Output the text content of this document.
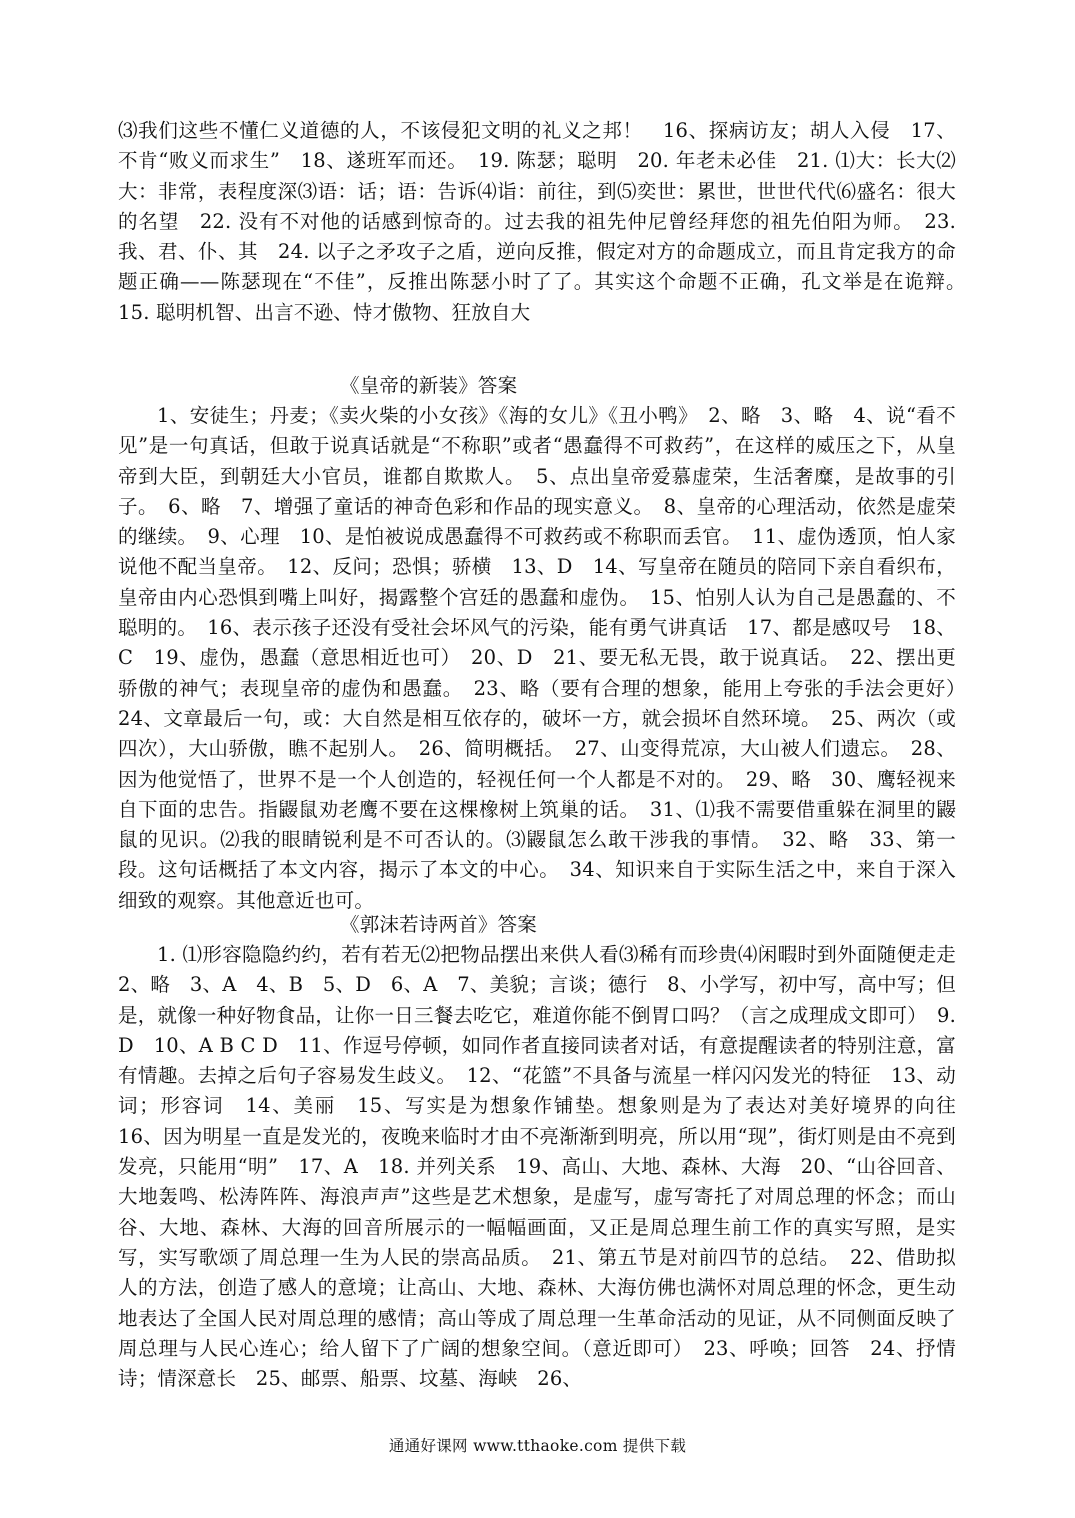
⑶我们这些不懂仁义道德的人，不该侵犯文明的礼义之邦！　16、探病访友；胡人入侵　17、不肯“败义而求生”　18、遂班军而还。　19. 陈瑟；聪明　20. 年老未必佳　21. ⑴大：长大⑵大：非常，表程度深⑶语：话；语：告诉⑷诣：前往，到⑸奕世：累世，世世代代⑹盛名：很大的名望　22. 没有不对他的话感到惊奇的。过去我的祖先仲尼曾经拜您的祖先伯阳为师。　23. 我、君、仆、其　24. 以子之矛攻子之盾，逆向反推，假定对方的命题成立，而且肯定我方的命题正确——陈瑟现在“不佳”，反推出陈瑟小时了了。其实这个命题不正确，孔文举是在诡辩。　15. 聪明机智、出言不逊、恃才傲物、狂放自大
《皇帝的新装》答案
1、安徒生；丹麦；《卖火柴的小女孩》《海的女儿》《丑小鸭》　2、略　3、略　4、说“看不见”是一句真话，但敢于说真话就是“不称职”或者“愚蠢得不可救药”，在这样的威压之下，从皇帝到大臣，到朝廷大小官员，谁都自欺欺人。　5、点出皇帝爱慕虚荣，生活奢糜，是故事的引子。　6、略　7、增强了童话的神奇色彩和作品的现实意义。　8、皇帝的心理活动，依然是虚荣的继续。　9、心理　10、是怕被说成愚蠢得不可救药或不称职而丢官。　11、虚伪透顶，怕人家说他不配当皇帝。　12、反问；恐惧；骄横　13、D　14、写皇帝在随员的陪同下亲自看织布，皇帝由内心恐惧到嘴上叫好，揭露整个宫廷的愚蠢和虚伪。　15、怕别人认为自己是愚蠢的、不聪明的。　16、表示孩子还没有受社会坏风气的污染，能有勇气讲真话　17、都是感叹号　18、C　19、虚伪，愚蠢（意思相近也可）　20、D　21、要无私无畏，敢于说真话。　22、摆出更骄傲的神气；表现皇帝的虚伪和愚蠢。　23、略（要有合理的想象，能用上夸张的手法会更好）　24、文章最后一句，或：大自然是相互依存的，破坏一方，就会损坏自然环境。　25、两次（或四次），大山骄傲，瞧不起别人。　26、简明概括。　27、山变得荒凉，大山被人们遗忘。　28、因为他觉悟了，世界不是一个人创造的，轻视任何一个人都是不对的。　29、略　30、鹰轻视来自下面的忠告。指鼹鼠劝老鹰不要在这棵橡树上筑巢的话。　31、⑴我不需要借重躲在洞里的鼹鼠的见识。⑵我的眼睛锐利是不可否认的。⑶鼹鼠怎么敢干涉我的事情。　32、略　33、第一段。这句话概括了本文内容，揭示了本文的中心。　34、知识来自于实际生活之中，来自于深入细致的观察。其他意近也可。
《郭沫若诗两首》答案
1. ⑴形容隐隐约约，若有若无⑵把物品摆出来供人看⑶稀有而珍贵⑷闲暇时到外面随便走走　2、略　3、A　4、B　5、D　6、A　7、美貌；言谈；德行　8、小学写，初中写，高中写；但是，就像一种好物食品，让你一日三餐去吃它，难道你能不倒胃口吗？（言之成理成文即可）　9. D　10、A B C D　11、作逗号停顿，如同作者直接同读者对话，有意提醒读者的特别注意，富有情趣。去掉之后句子容易发生歧义。　12、“花篮”不具备与流星一样闪闪发光的特征　13、动词；形容词　14、美丽　15、写实是为想象作铺垫。想象则是为了表达对美好境界的向往　16、因为明星一直是发光的，夜晚来临时才由不亮渐渐到明亮，所以用“现”，街灯则是由不亮到发亮，只能用“明”　17、A　18. 并列关系　19、高山、大地、森林、大海　20、“山谷回音、大地轰鸣、松涛阵阵、海浪声声”这些是艺术想象，是虚写，虚写寄托了对周总理的怀念；而山谷、大地、森林、大海的回音所展示的一幅幅画面，又正是周总理生前工作的真实写照，是实写，实写歌颂了周总理一生为人民的崇高品质。　21、第五节是对前四节的总结。　22、借助拟人的方法，创造了感人的意境；让高山、大地、森林、大海仿佛也满怀对周总理的怀念，更生动地表达了全国人民对周总理的感情；高山等成了周总理一生革命活动的见证，从不同侧面反映了周总理与人民心连心；给人留下了广阔的想象空间。（意近即可）　23、呼唤；回答　24、抒情诗；情深意长　25、邮票、船票、坟墓、海峡　26、
通通好课网 www.tthaoke.com 提供下载
